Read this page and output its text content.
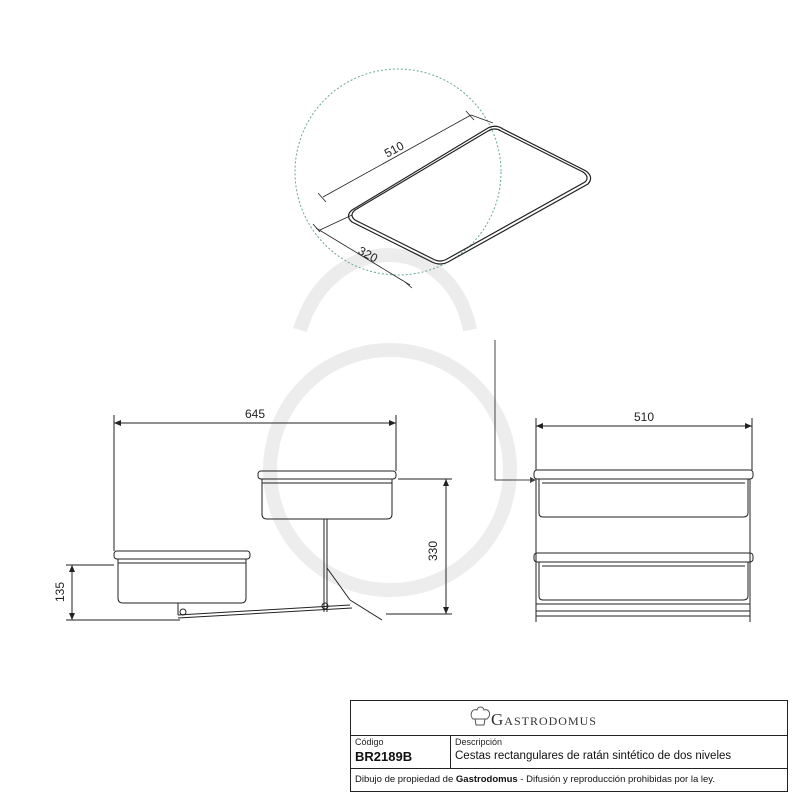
510
320
645
330
135
510
Gastrodomus
Código
BR2189B
Descripción
Cestas rectangulares de ratán sintético de dos niveles
Dibujo de propiedad de Gastrodomus - Difusión y reproducción prohibidas por la ley.
